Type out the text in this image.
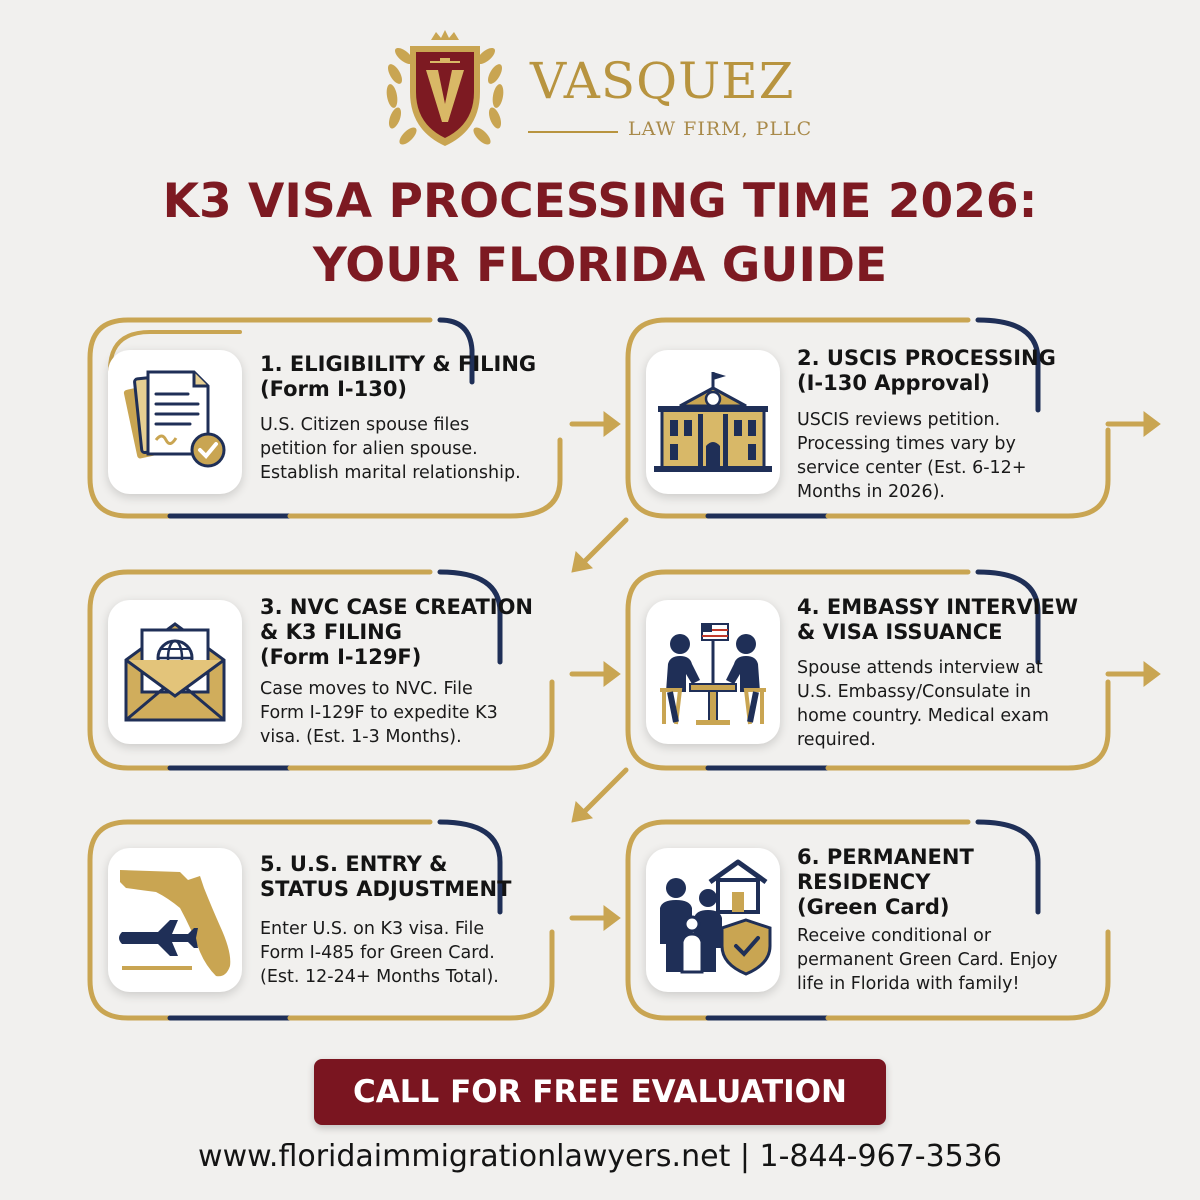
VASQUEZ
LAW FIRM, PLLC
K3 VISA PROCESSING TIME 2026:
YOUR FLORIDA GUIDE
1. ELIGIBILITY & FILING
(Form I-130)
U.S. Citizen spouse files
petition for alien spouse.
Establish marital relationship.
2. USCIS PROCESSING
(I-130 Approval)
USCIS reviews petition.
Processing times vary by
service center (Est. 6-12+
Months in 2026).
3. NVC CASE CREATION
& K3 FILING
(Form I-129F)
Case moves to NVC. File
Form I-129F to expedite K3
visa. (Est. 1-3 Months).
4. EMBASSY INTERVIEW
& VISA ISSUANCE
Spouse attends interview at
U.S. Embassy/Consulate in
home country. Medical exam
required.
5. U.S. ENTRY &
STATUS ADJUSTMENT
Enter U.S. on K3 visa. File
Form I-485 for Green Card.
(Est. 12-24+ Months Total).
6. PERMANENT
RESIDENCY
(Green Card)
Receive conditional or
permanent Green Card. Enjoy
life in Florida with family!
CALL FOR FREE EVALUATION
www.floridaimmigrationlawyers.net | 1-844-967-3536
